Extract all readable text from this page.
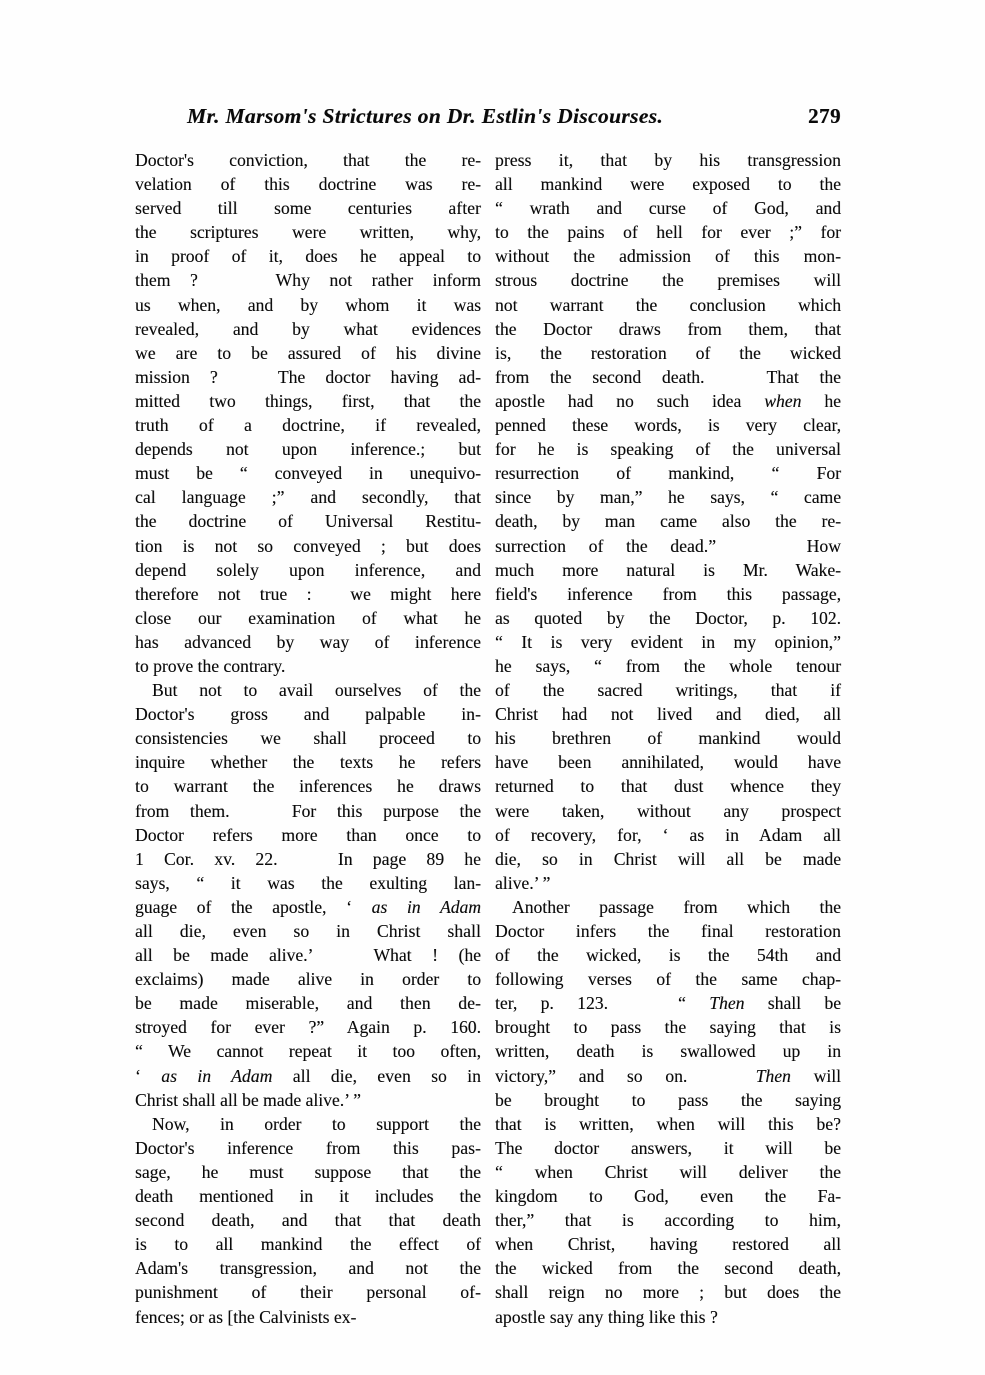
Mr. Marsom's Strictures on Dr. Estlin's Discourses.	279
Doctor's conviction, that the re-
velation of this doctrine was re-
served till some centuries after
the scriptures were written, why,
in proof of it, does he appeal to
them ?    Why not rather inform
us when, and by whom it was
revealed, and by what evidences
we are to be assured of his divine
mission ?   The doctor having ad-
mitted two things, first, that the
truth of a doctrine, if revealed,
depends not upon inference.; but
must be “ conveyed in unequivo-
cal language ;” and secondly, that
the doctrine of Universal Restitu-
tion is not so conveyed ; but does
depend solely upon inference, and
therefore not true :  we might here
close our examination of what he
has advanced by way of inference
to prove the contrary.
But not to avail ourselves of the
Doctor's gross and palpable in-
consistencies we shall proceed to
inquire whether the texts he refers
to warrant the inferences he draws
from them.   For this purpose the
Doctor refers more than once to
1 Cor. xv. 22.   In page 89 he
says, “ it was the exulting lan-
guage of the apostle, ‘ as in Adam
all die, even so in Christ shall
all be made alive.’   What ! (he
exclaims) made alive in order to
be made miserable, and then de-
stroyed for ever ?” Again p. 160.
“ We cannot repeat it too often,
‘ as in Adam all die, even so in
Christ shall all be made alive.’ ”
Now, in order to support the
Doctor's inference from this pas-
sage, he must suppose that the
death mentioned in it includes the
second death, and that that death
is to all mankind the effect of
Adam's transgression, and not the
punishment of their personal of-
fences; or as [the Calvinists ex-
press it, that by his transgression
all mankind were exposed to the
“ wrath and curse of God, and
to the pains of hell for ever ;” for
without the admission of this mon-
strous doctrine the premises will
not warrant the conclusion which
the Doctor draws from them, that
is, the restoration of the wicked
from the second death.   That the
apostle had no such idea when he
penned these words, is very clear,
for he is speaking of the universal
resurrection of mankind, “ For
since by man,” he says, “ came
death, by man came also the re-
surrection of the dead.”    How
much more natural is Mr. Wake-
field's inference from this passage,
as quoted by the Doctor, p. 102.
“ It is very evident in my opinion,”
he says, “ from the whole tenour
of the sacred writings, that if
Christ had not lived and died, all
his brethren of mankind would
have been annihilated, would have
returned to that dust whence they
were taken, without any prospect
of recovery, for, ‘ as in Adam all
die, so in Christ will all be made
alive.’ ”
Another passage from which the
Doctor infers the final restoration
of the wicked, is the 54th and
following verses of the same chap-
ter, p. 123.   “ Then shall be
brought to pass the saying that is
written, death is swallowed up in
victory,” and so on.   Then will
be brought to pass the saying
that is written, when will this be?
The doctor answers, it will be
“ when Christ will deliver the
kingdom to God, even the Fa-
ther,” that is according to him,
when Christ, having restored all
the wicked from the second death,
shall reign no more ; but does the
apostle say any thing like this ?
